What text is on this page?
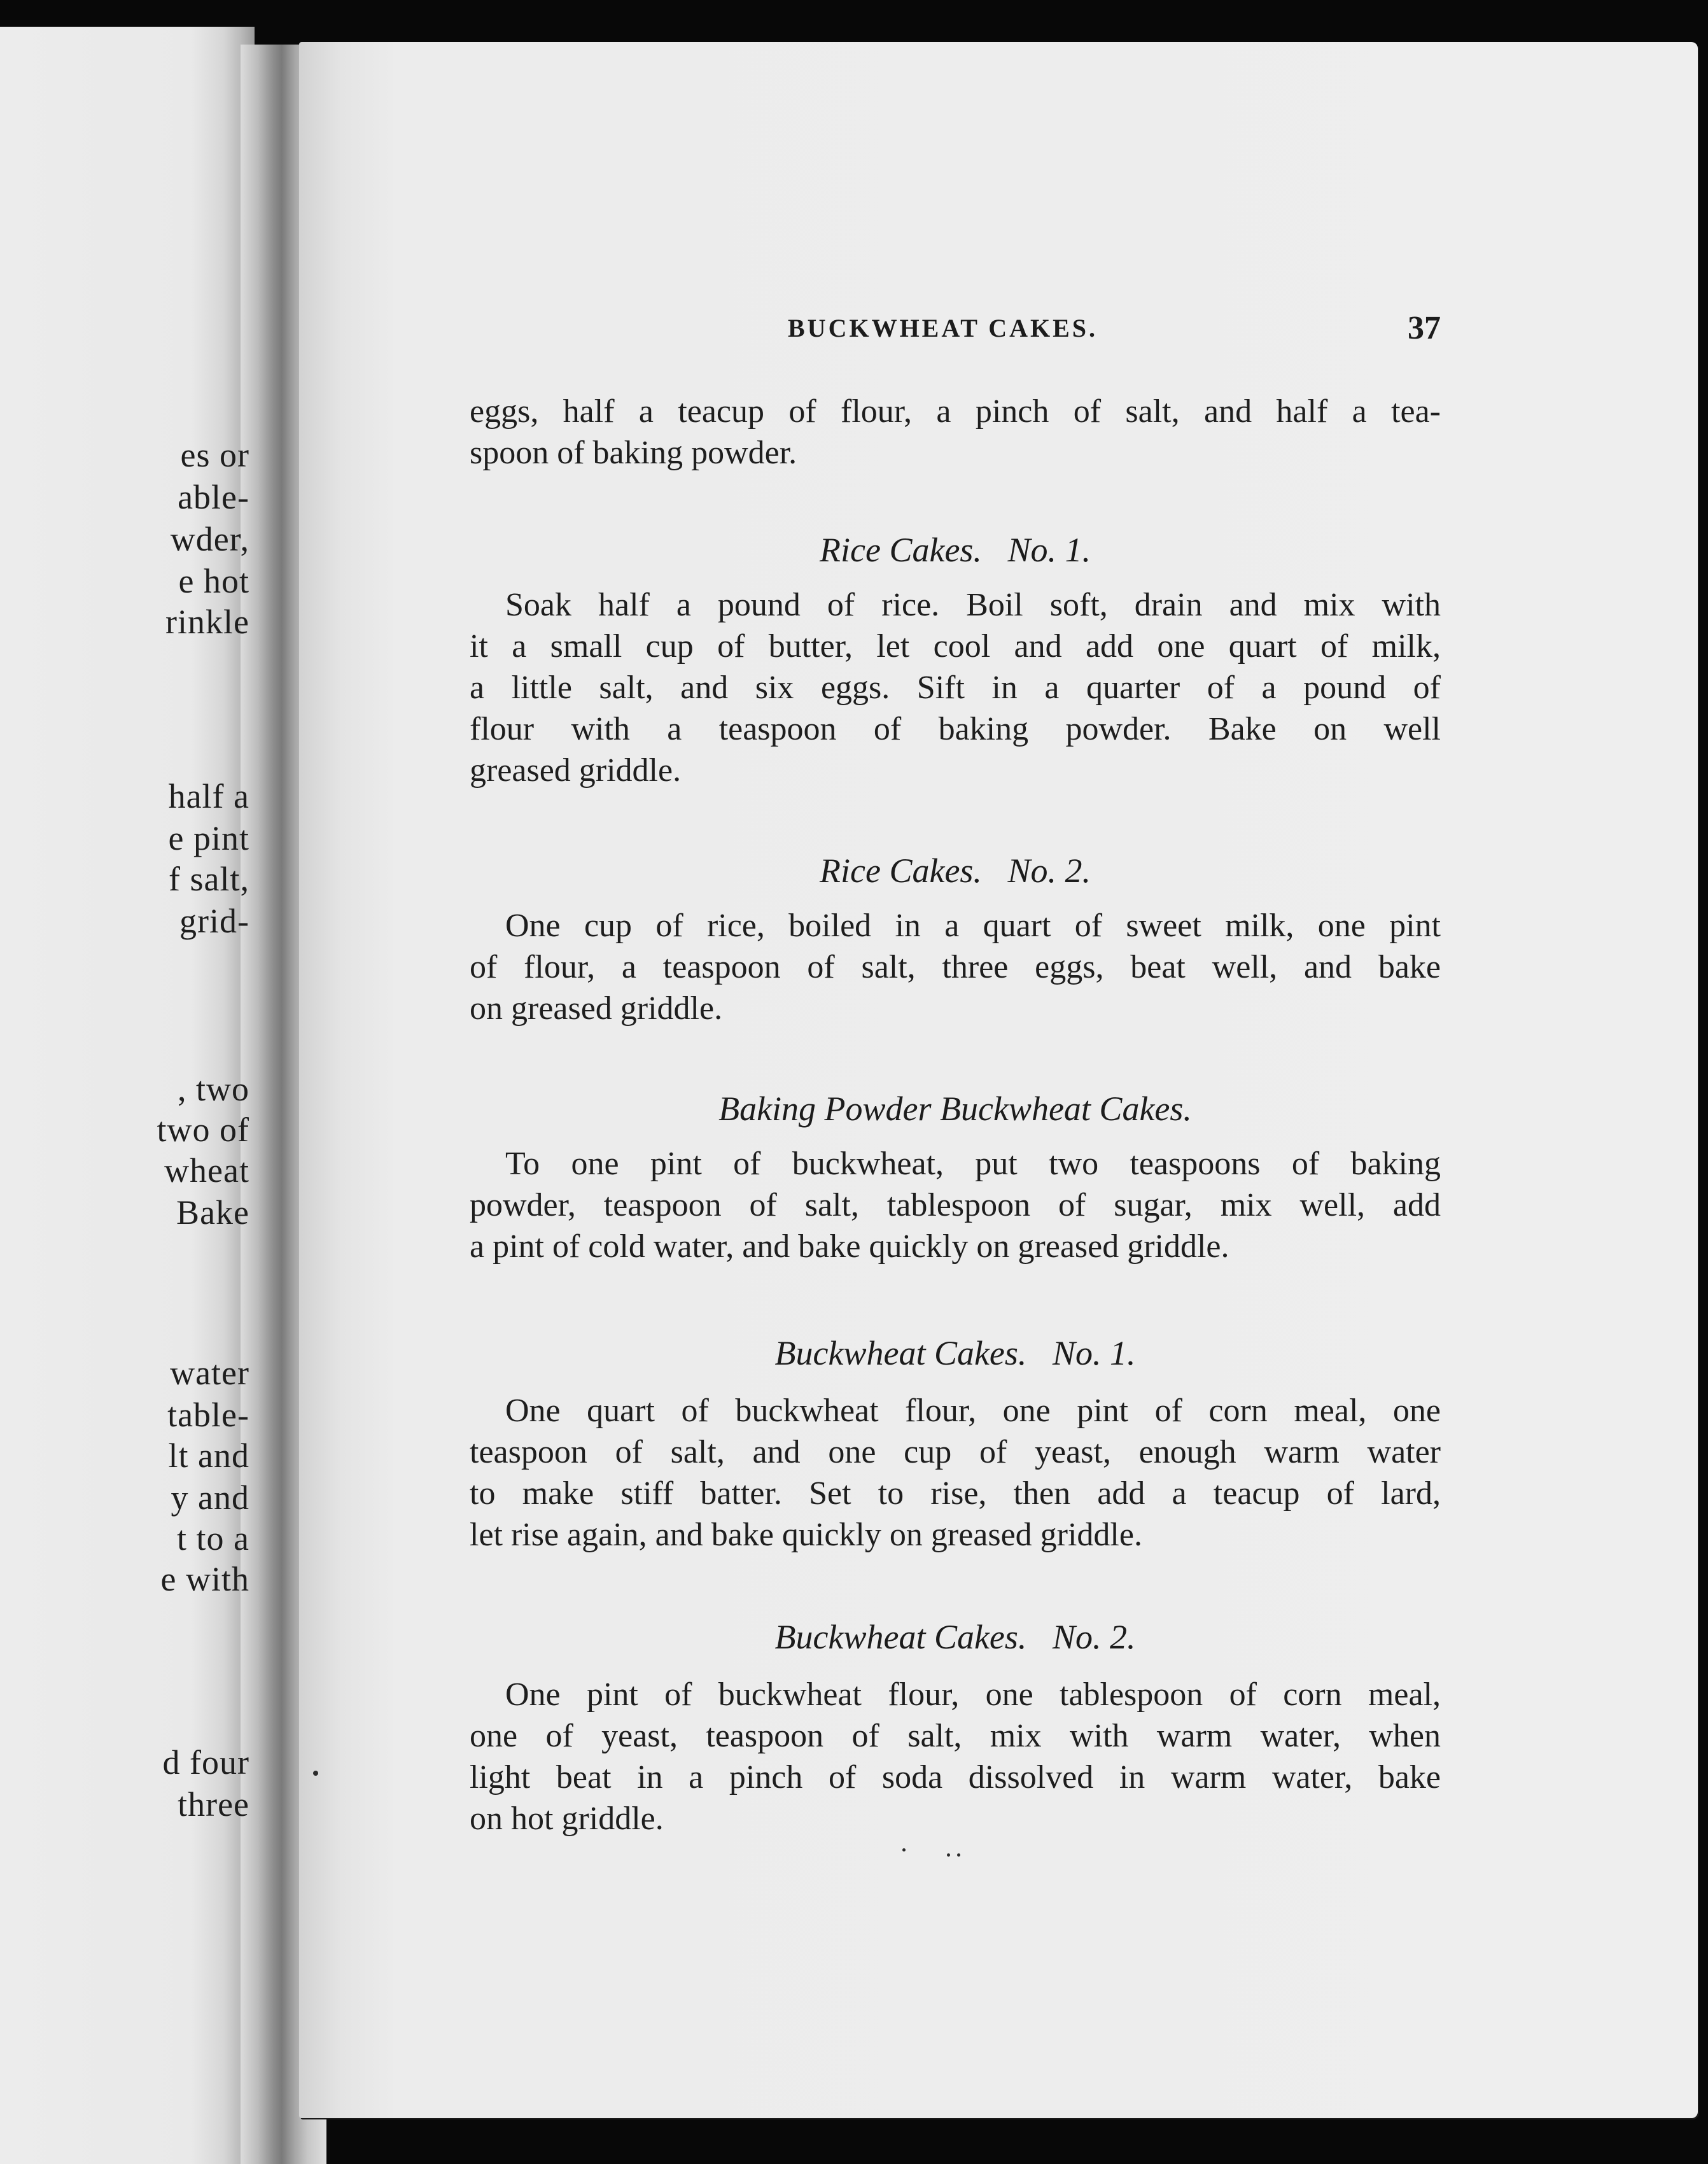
es or
able-
wder,
e hot
rinkle
half a
e pint
f salt,
grid-
, two
two of
wheat
Bake
water
table-
lt and
y and
t to a
e with
d four
three
BUCKWHEAT CAKES.	37

eggs, half a teacup of flour, a pinch of salt, and half a tea-

spoon of baking powder.

Rice Cakes. No. 1.

Soak half a pound of rice. Boil soft, drain and mix with

it a small cup of butter, let cool and add one quart of milk,

a little salt, and six eggs. Sift in a quarter of a pound of

flour with a teaspoon of baking powder. Bake on well

greased griddle.

Rice Cakes. No. 2.

One cup of rice, boiled in a quart of sweet milk, one pint

of flour, a teaspoon of salt, three eggs, beat well, and bake

on greased griddle.

Baking Powder Buckwheat Cakes.

To one pint of buckwheat, put two teaspoons of baking

powder, teaspoon of salt, tablespoon of sugar, mix well, add

a pint of cold water, and bake quickly on greased griddle.

Buckwheat Cakes. No. 1.

One quart of buckwheat flour, one pint of corn meal, one

teaspoon of salt, and one cup of yeast, enough warm water

to make stiff batter. Set to rise, then add a teacup of lard,

let rise again, and bake quickly on greased griddle.

Buckwheat Cakes. No. 2.

One pint of buckwheat flour, one tablespoon of corn meal,

one of yeast, teaspoon of salt, mix with warm water, when

light beat in a pinch of soda dissolved in warm water, bake

on hot griddle.
